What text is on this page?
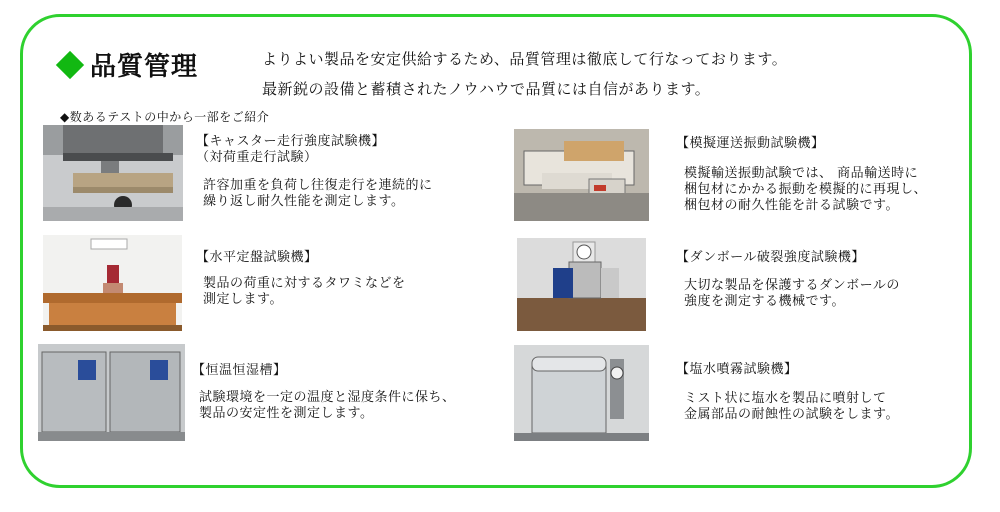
品質管理	よりよい製品を安定供給するため、品質管理は徹底して行なっております。
最新鋭の設備と蓄積されたノウハウで品質には自信があります。
◆数あるテストの中から一部をご紹介
【キャスター走行強度試験機】
（対荷重走行試験）
許容加重を負荷し往復走行を連続的に
繰り返し耐久性能を測定します。
【模擬運送振動試験機】
模擬輸送振動試験では、 商品輸送時に
梱包材にかかる振動を模擬的に再現し、
梱包材の耐久性能を計る試験です。
【水平定盤試験機】
製品の荷重に対するタワミなどを
測定します。
【ダンボール破裂強度試験機】
大切な製品を保護するダンボールの
強度を測定する機械です。
【恒温恒湿槽】
試験環境を一定の温度と湿度条件に保ち、
製品の安定性を測定します。
【塩水噴霧試験機】
ミスト状に塩水を製品に噴射して
金属部品の耐蝕性の試験をします。
